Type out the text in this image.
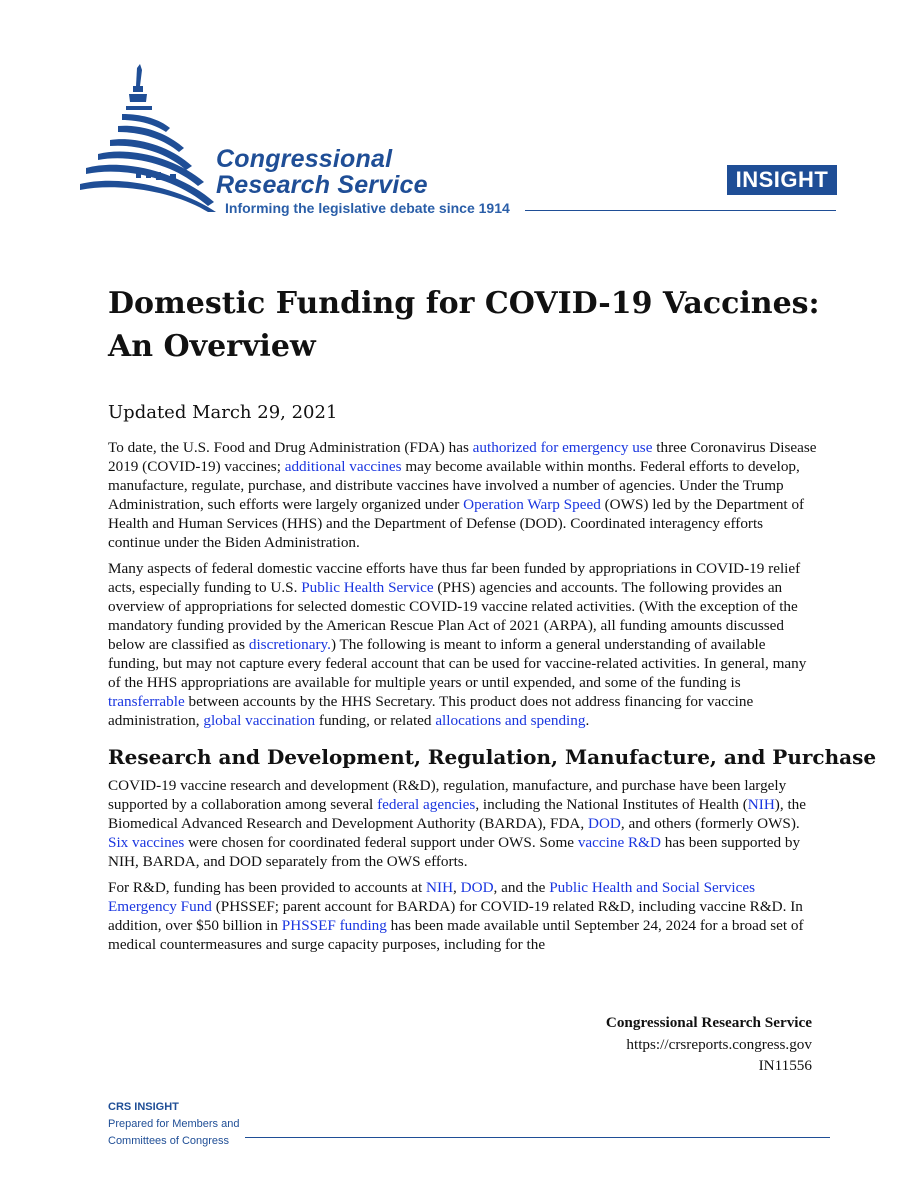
Congressional
Research Service
Informing the legislative debate since 1914
INSIGHT
Domestic Funding for COVID-19 Vaccines:
An Overview
Updated March 29, 2021

To date, the U.S. Food and Drug Administration (FDA) has authorized for emergency use three Coronavirus Disease 2019 (COVID-19) vaccines; additional vaccines may become available within months. Federal efforts to develop, manufacture, regulate, purchase, and distribute vaccines have involved a number of agencies. Under the Trump Administration, such efforts were largely organized under Operation Warp Speed (OWS) led by the Department of Health and Human Services (HHS) and the Department of Defense (DOD). Coordinated interagency efforts continue under the Biden Administration.

Many aspects of federal domestic vaccine efforts have thus far been funded by appropriations in COVID-19 relief acts, especially funding to U.S. Public Health Service (PHS) agencies and accounts. The following provides an overview of appropriations for selected domestic COVID-19 vaccine related activities. (With the exception of the mandatory funding provided by the American Rescue Plan Act of 2021 (ARPA), all funding amounts discussed below are classified as discretionary.) The following is meant to inform a general understanding of available funding, but may not capture every federal account that can be used for vaccine-related activities. In general, many of the HHS appropriations are available for multiple years or until expended, and some of the funding is transferrable between accounts by the HHS Secretary. This product does not address financing for vaccine administration, global vaccination funding, or related allocations and spending.

Research and Development, Regulation, Manufacture, and Purchase

COVID-19 vaccine research and development (R&D), regulation, manufacture, and purchase have been largely supported by a collaboration among several federal agencies, including the National Institutes of Health (NIH), the Biomedical Advanced Research and Development Authority (BARDA), FDA, DOD, and others (formerly OWS). Six vaccines were chosen for coordinated federal support under OWS. Some vaccine R&D has been supported by NIH, BARDA, and DOD separately from the OWS efforts.

For R&D, funding has been provided to accounts at NIH, DOD, and the Public Health and Social Services Emergency Fund (PHSSEF; parent account for BARDA) for COVID-19 related R&D, including vaccine R&D. In addition, over $50 billion in PHSSEF funding has been made available until September 24, 2024 for a broad set of medical countermeasures and surge capacity purposes, including for the

Congressional Research Service
https://crsreports.congress.gov
IN11556
CRS INSIGHT
Prepared for Members and
Committees of Congress
